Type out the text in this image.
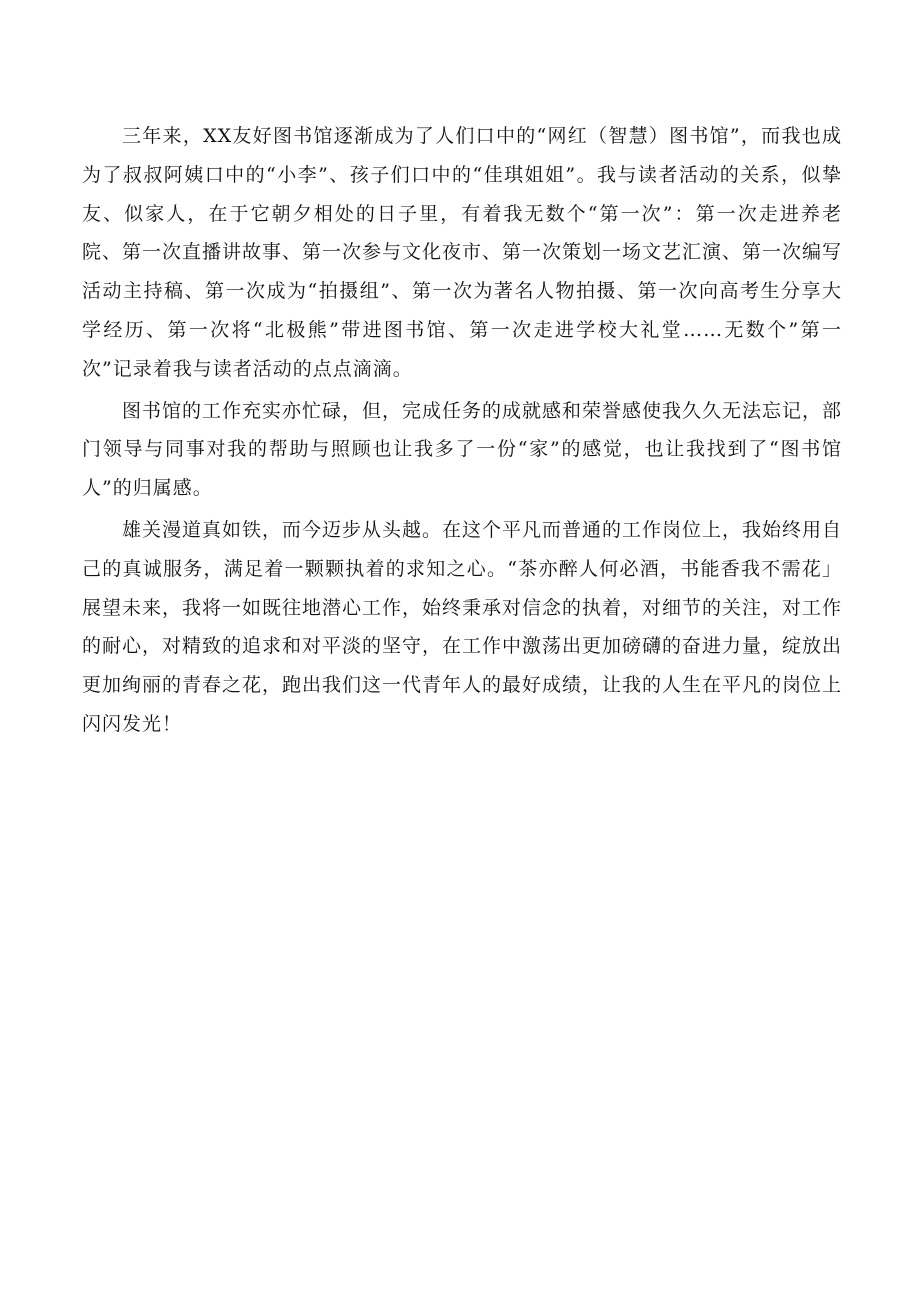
三年来，XX友好图书馆逐渐成为了人们口中的“网红（智慧）图书馆”，而我也成为了叔叔阿姨口中的“小李”、孩子们口中的“佳琪姐姐”。我与读者活动的关系，似挚友、似家人，在于它朝夕相处的日子里，有着我无数个“第一次”：第一次走进养老院、第一次直播讲故事、第一次参与文化夜市、第一次策划一场文艺汇演、第一次编写活动主持稿、第一次成为“拍摄组”、第一次为著名人物拍摄、第一次向高考生分享大学经历、第一次将“北极熊”带进图书馆、第一次走进学校大礼堂……无数个”第一次”记录着我与读者活动的点点滴滴。

图书馆的工作充实亦忙碌，但，完成任务的成就感和荣誉感使我久久无法忘记，部门领导与同事对我的帮助与照顾也让我多了一份“家”的感觉，也让我找到了“图书馆人”的归属感。

雄关漫道真如铁，而今迈步从头越。在这个平凡而普通的工作岗位上，我始终用自己的真诚服务，满足着一颗颗执着的求知之心。“茶亦醉人何必酒，书能香我不需花」展望未来，我将一如既往地潜心工作，始终秉承对信念的执着，对细节的关注，对工作的耐心，对精致的追求和对平淡的坚守，在工作中激荡出更加磅礴的奋进力量，绽放出更加绚丽的青春之花，跑出我们这一代青年人的最好成绩，让我的人生在平凡的岗位上闪闪发光！
